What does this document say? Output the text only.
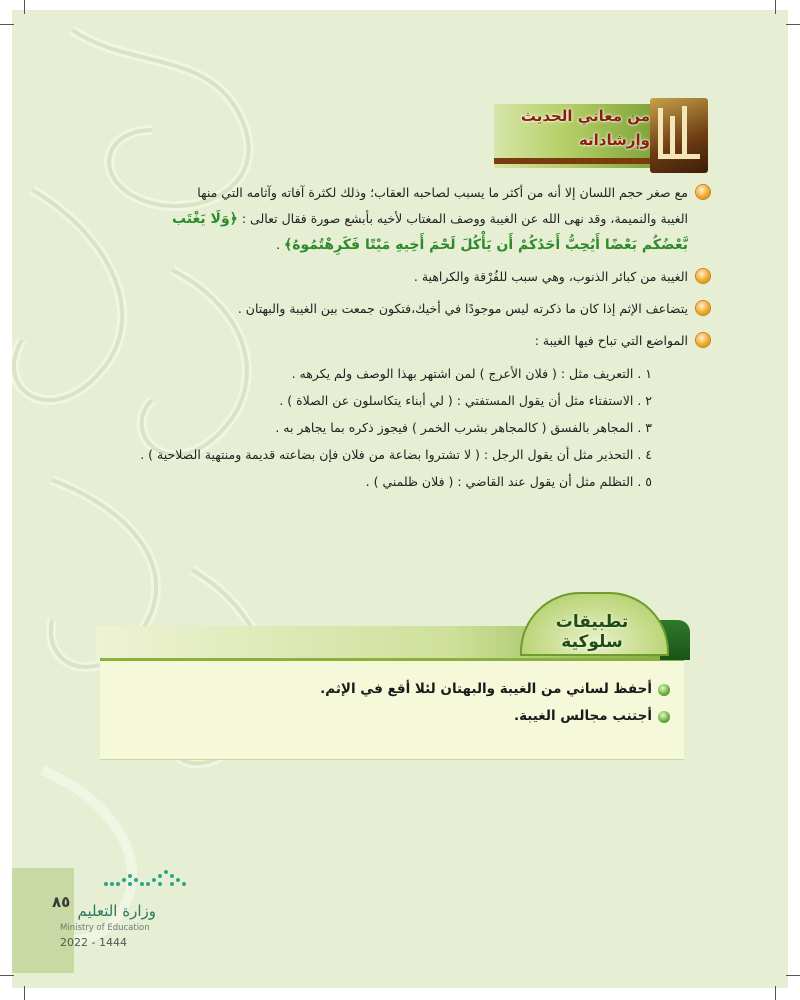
من معاني الحديث
وإرشاداته
مع صغر حجم اللسان إلا أنه من أكثر ما يسبب لصاحبه العقاب؛ وذلك لكثرة آفاته وآثامه التي منها
الغيبة والنميمة، وقد نهى الله عن الغيبة ووصف المغتاب لأخيه بأبشع صورة فقال تعالى : ﴿وَلَا يَغْتَب
بَّعْضُكُم بَعْضًا أَيُحِبُّ أَحَدُكُمْ أَن يَأْكُلَ لَحْمَ أَخِيهِ مَيْتًا فَكَرِهْتُمُوهُ﴾ .
الغيبة من كبائر الذنوب، وهي سبب للفُرْقة والكراهية .
يتضاعف الإثم إذا كان ما ذكرته ليس موجودًا في أخيك،فتكون جمعت بين الغيبة والبهتان .
المواضع التي تباح فيها الغيبة :

١ . التعريف مثل : ( فلان الأعرج ) لمن اشتهر بهذا الوصف ولم يكرهه .

٢ . الاستفتاء مثل أن يقول المستفتي : ( لي أبناء يتكاسلون عن الصلاة ) .

٣ . المجاهر بالفسق ( كالمجاهر بشرب الخمر ) فيجوز ذكره بما يجاهر به .

٤ . التحذير مثل أن يقول الرجل : ( لا تشتروا بضاعة من فلان فإن بضاعته قديمة ومنتهية الصلاحية ) .

٥ . التظلم مثل أن يقول عند القاضي : ( فلان ظلمني ) .

تطبيقات سلوكية
أحفظ لساني من الغيبة والبهتان لئلا أقع في الإثم.
أجتنب مجالس الغيبة.
٨٥ وزارة التعليم
Ministry of Education
2022 - 1444
